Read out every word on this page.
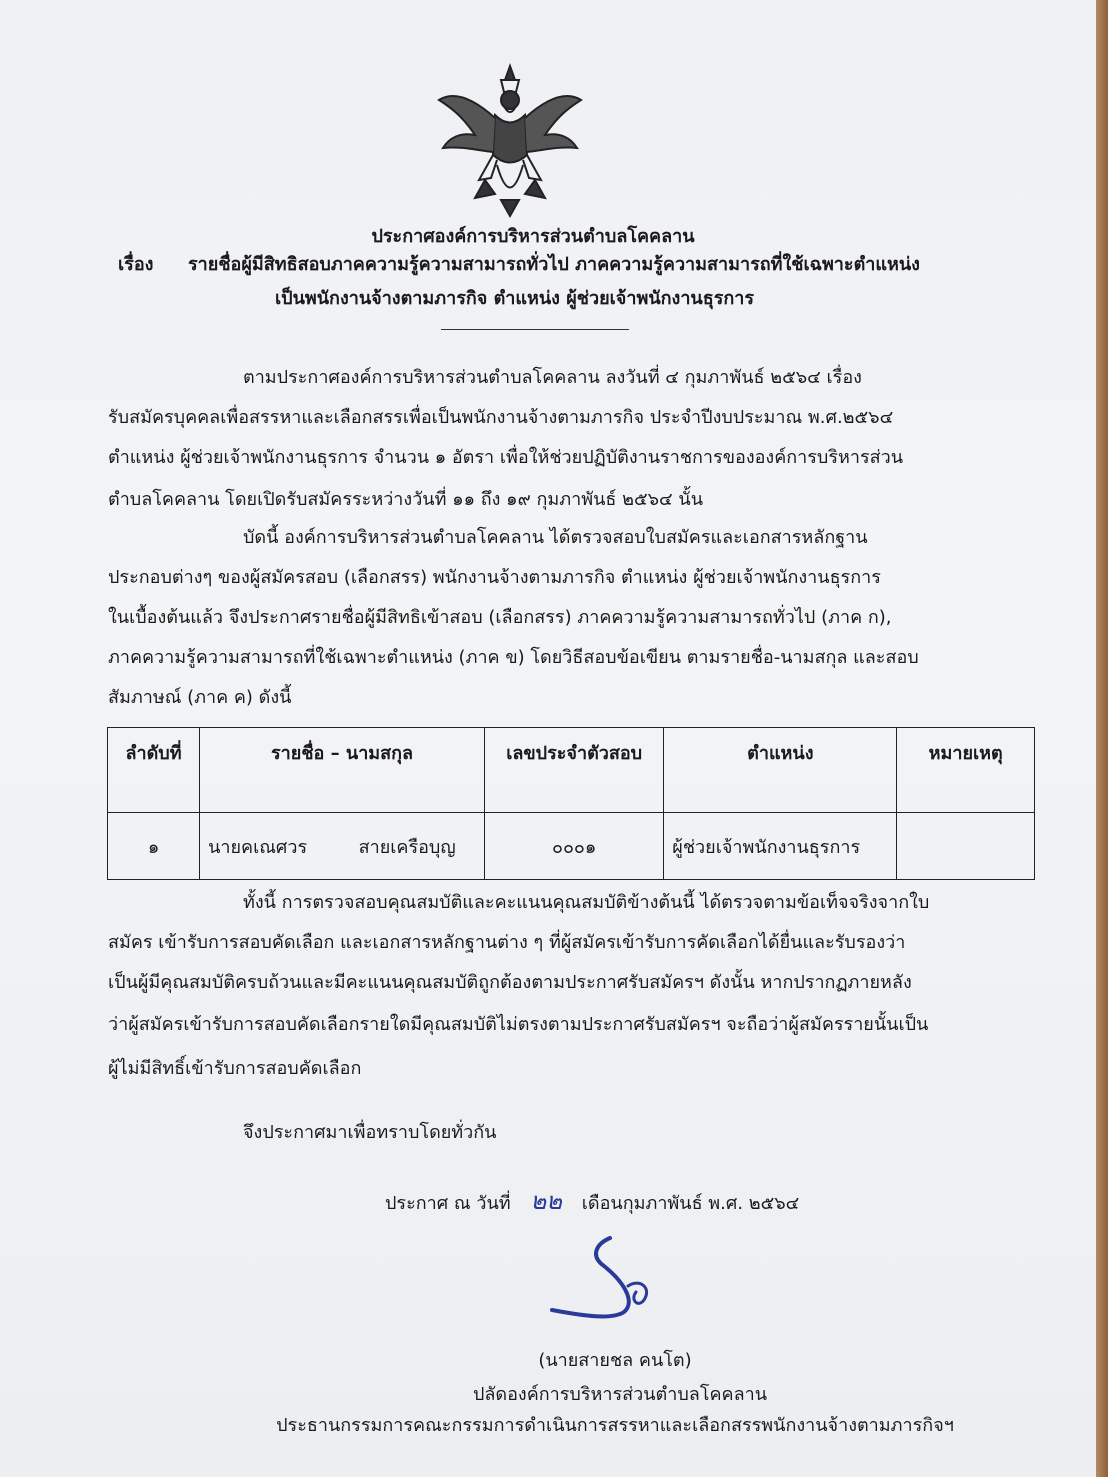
ประกาศองค์การบริหารส่วนตำบลโคคลาน
เรื่อง รายชื่อผู้มีสิทธิสอบภาคความรู้ความสามารถทั่วไป ภาคความรู้ความสามารถที่ใช้เฉพาะตำแหน่ง
เป็นพนักงานจ้างตามภารกิจ ตำแหน่ง ผู้ช่วยเจ้าพนักงานธุรการ
ตามประกาศองค์การบริหารส่วนตำบลโคคลาน ลงวันที่ ๔ กุมภาพันธ์ ๒๕๖๔ เรื่อง
รับสมัครบุคคลเพื่อสรรหาและเลือกสรรเพื่อเป็นพนักงานจ้างตามภารกิจ ประจำปีงบประมาณ พ.ศ.๒๕๖๔
ตำแหน่ง ผู้ช่วยเจ้าพนักงานธุรการ จำนวน ๑ อัตรา เพื่อให้ช่วยปฏิบัติงานราชการขององค์การบริหารส่วน
ตำบลโคคลาน โดยเปิดรับสมัครระหว่างวันที่ ๑๑ ถึง ๑๙ กุมภาพันธ์ ๒๕๖๔ นั้น
บัดนี้ องค์การบริหารส่วนตำบลโคคลาน ได้ตรวจสอบใบสมัครและเอกสารหลักฐาน
ประกอบต่างๆ ของผู้สมัครสอบ (เลือกสรร) พนักงานจ้างตามภารกิจ ตำแหน่ง ผู้ช่วยเจ้าพนักงานธุรการ
ในเบื้องต้นแล้ว จึงประกาศรายชื่อผู้มีสิทธิเข้าสอบ (เลือกสรร) ภาคความรู้ความสามารถทั่วไป (ภาค ก),
ภาคความรู้ความสามารถที่ใช้เฉพาะตำแหน่ง (ภาค ข) โดยวิธีสอบข้อเขียน ตามรายชื่อ-นามสกุล และสอบ
สัมภาษณ์ (ภาค ค) ดังนี้
ลำดับที่	รายชื่อ – นามสกุล	เลขประจำตัวสอบ	ตำแหน่ง	หมายเหตุ
๑	นายคเณศวร สายเครือบุญ	๐๐๐๑	ผู้ช่วยเจ้าพนักงานธุรการ	
ทั้งนี้ การตรวจสอบคุณสมบัติและคะแนนคุณสมบัติข้างต้นนี้ ได้ตรวจตามข้อเท็จจริงจากใบ
สมัคร เข้ารับการสอบคัดเลือก และเอกสารหลักฐานต่าง ๆ ที่ผู้สมัครเข้ารับการคัดเลือกได้ยื่นและรับรองว่า
เป็นผู้มีคุณสมบัติครบถ้วนและมีคะแนนคุณสมบัติถูกต้องตามประกาศรับสมัครฯ ดังนั้น หากปรากฏภายหลัง
ว่าผู้สมัครเข้ารับการสอบคัดเลือกรายใดมีคุณสมบัติไม่ตรงตามประกาศรับสมัครฯ จะถือว่าผู้สมัครรายนั้นเป็น
ผู้ไม่มีสิทธิ์เข้ารับการสอบคัดเลือก
จึงประกาศมาเพื่อทราบโดยทั่วกัน
ประกาศ ณ วันที่ ๒๒ เดือนกุมภาพันธ์ พ.ศ. ๒๕๖๔
(นายสายชล คนโต)
ปลัดองค์การบริหารส่วนตำบลโคคลาน
ประธานกรรมการคณะกรรมการดำเนินการสรรหาและเลือกสรรพนักงานจ้างตามภารกิจฯ
